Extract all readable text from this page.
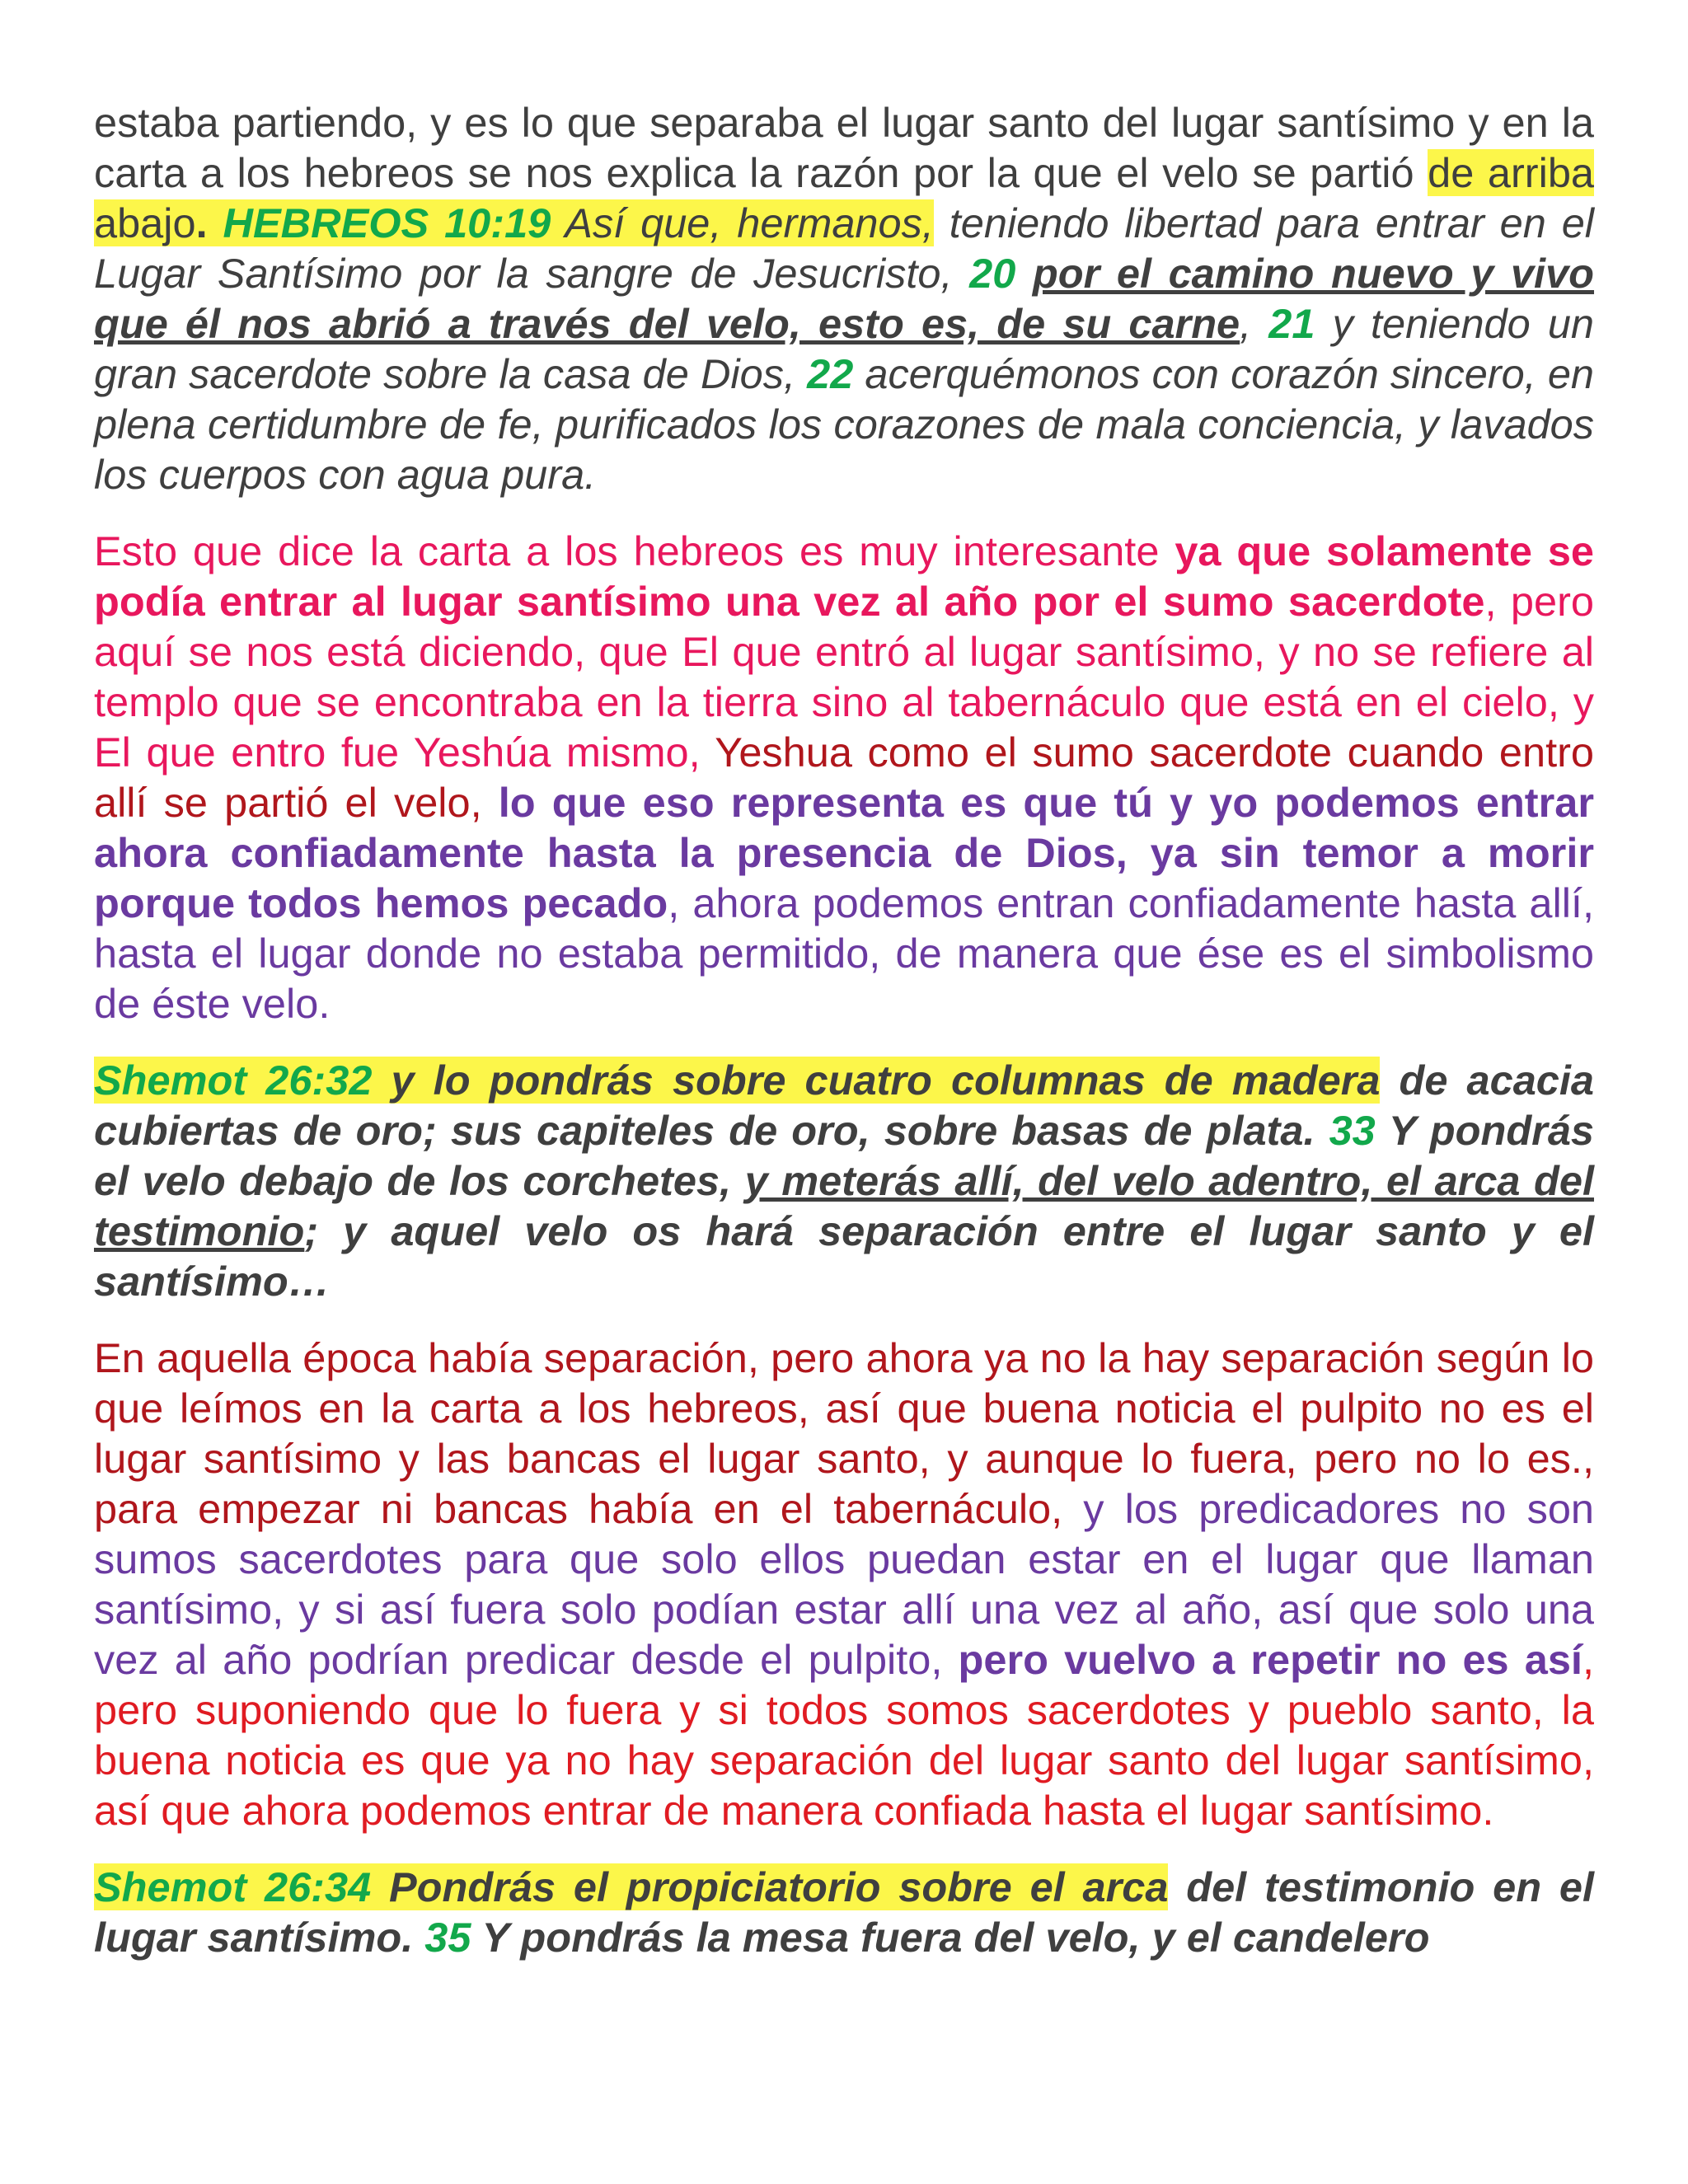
estaba partiendo, y es lo que separaba el lugar santo del lugar santísimo y en la carta a los hebreos se nos explica la razón por la que el velo se partió de arriba abajo. HEBREOS 10:19 Así que, hermanos, teniendo libertad para entrar en el Lugar Santísimo por la sangre de Jesucristo, 20 por el camino nuevo y vivo que él nos abrió a través del velo, esto es, de su carne, 21 y teniendo un gran sacerdote sobre la casa de Dios, 22 acerquémonos con corazón sincero, en plena certidumbre de fe, purificados los corazones de mala conciencia, y lavados los cuerpos con agua pura.

Esto que dice la carta a los hebreos es muy interesante ya que solamente se podía entrar al lugar santísimo una vez al año por el sumo sacerdote, pero aquí se nos está diciendo, que El que entró al lugar santísimo, y no se refiere al templo que se encontraba en la tierra sino al tabernáculo que está en el cielo, y El que entro fue Yeshúa mismo, Yeshua como el sumo sacerdote cuando entro allí se partió el velo, lo que eso representa es que tú y yo podemos entrar ahora confiadamente hasta la presencia de Dios, ya sin temor a morir porque todos hemos pecado, ahora podemos entran confiadamente hasta allí, hasta el lugar donde no estaba permitido, de manera que ése es el simbolismo de éste velo.

Shemot 26:32 y lo pondrás sobre cuatro columnas de madera de acacia cubiertas de oro; sus capiteles de oro, sobre basas de plata. 33 Y pondrás el velo debajo de los corchetes, y meterás allí, del velo adentro, el arca del testimonio; y aquel velo os hará separación entre el lugar santo y el santísimo…

En aquella época había separación, pero ahora ya no la hay separación según lo que leímos en la carta a los hebreos, así que buena noticia el pulpito no es el lugar santísimo y las bancas el lugar santo, y aunque lo fuera, pero no lo es., para empezar ni bancas había en el tabernáculo, y los predicadores no son sumos sacerdotes para que solo ellos puedan estar en el lugar que llaman santísimo, y si así fuera solo podían estar allí una vez al año, así que solo una vez al año podrían predicar desde el pulpito, pero vuelvo a repetir no es así, pero suponiendo que lo fuera y si todos somos sacerdotes y pueblo santo, la buena noticia es que ya no hay separación del lugar santo del lugar santísimo, así que ahora podemos entrar de manera confiada hasta el lugar santísimo.

Shemot 26:34 Pondrás el propiciatorio sobre el arca del testimonio en el lugar santísimo. 35 Y pondrás la mesa fuera del velo, y el candelero
